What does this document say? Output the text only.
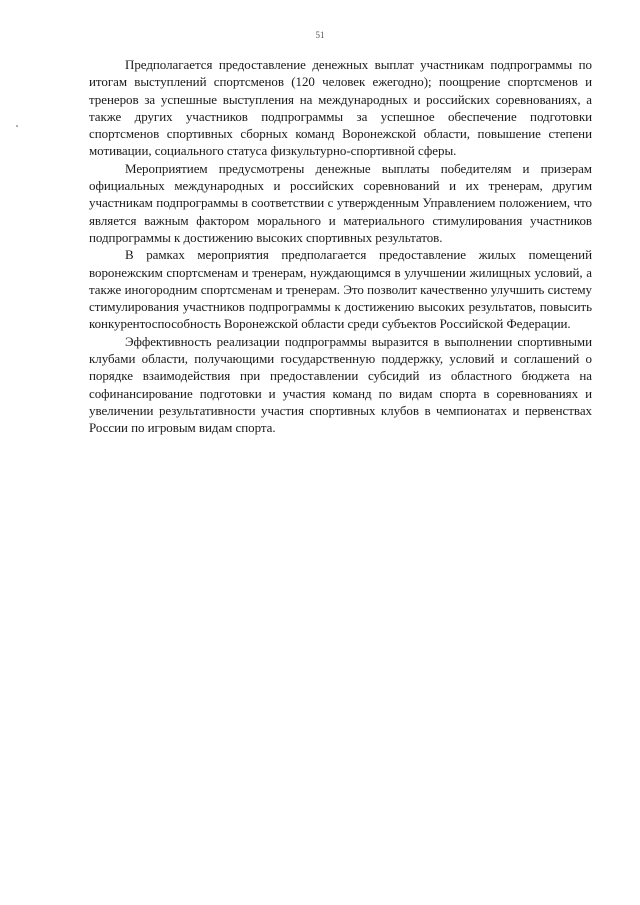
51

Предполагается предоставление денежных выплат участникам подпрограммы по итогам выступлений спортсменов (120 человек ежегодно); поощрение спортсменов и тренеров за успешные выступления на международных и российских соревнованиях, а также других участников подпрограммы за успешное обеспечение подготовки спортсменов спортивных сборных команд Воронежской области, повышение степени мотивации, социального статуса физкультурно-спортивной сферы.

Мероприятием предусмотрены денежные выплаты победителям и призерам официальных международных и российских соревнований и их тренерам, другим участникам подпрограммы в соответствии с утвержденным Управлением положением, что является важным фактором морального и материального стимулирования участников подпрограммы к достижению высоких спортивных результатов.

В рамках мероприятия предполагается предоставление жилых помещений воронежским спортсменам и тренерам, нуждающимся в улучшении жилищных условий, а также иногородним спортсменам и тренерам. Это позволит качественно улучшить систему стимулирования участников подпрограммы к достижению высоких результатов, повысить конкурентоспособность Воронежской области среди субъектов Российской Федерации.

Эффективность реализации подпрограммы выразится в выполнении спортивными клубами области, получающими государственную поддержку, условий и соглашений о порядке взаимодействия при предоставлении субсидий из областного бюджета на софинансирование подготовки и участия команд по видам спорта в соревнованиях и увеличении результативности участия спортивных клубов в чемпионатах и первенствах России по игровым видам спорта.
